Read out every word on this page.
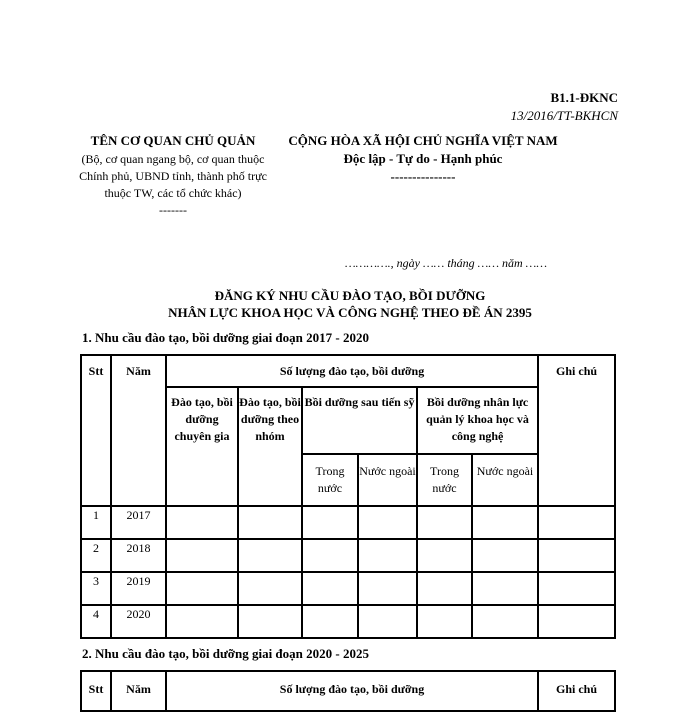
B1.1-ĐKNC
13/2016/TT-BKHCN
TÊN CƠ QUAN CHỦ QUẢN
(Bộ, cơ quan ngang bộ, cơ quan thuộc Chính phủ, UBND tỉnh, thành phố trực thuộc TW, các tổ chức khác)
-------
CỘNG HÒA XÃ HỘI CHỦ NGHĨA VIỆT NAM
Độc lập - Tự do - Hạnh phúc
---------------
…………., ngày …… tháng …… năm ……
ĐĂNG KÝ NHU CẦU ĐÀO TẠO, BỒI DƯỠNG
NHÂN LỰC KHOA HỌC VÀ CÔNG NGHỆ THEO ĐỀ ÁN 2395
1. Nhu cầu đào tạo, bồi dưỡng giai đoạn 2017 - 2020
Stt	Năm	Số lượng đào tạo, bồi dưỡng						Ghi chú
		Đào tạo, bồi dưỡng chuyên gia	Đào tạo, bồi dưỡng theo nhóm	Bồi dưỡng sau tiến sỹ		Bồi dưỡng nhân lực quản lý khoa học và công nghệ		
				Trong nước	Nước ngoài	Trong nước	Nước ngoài	
1	2017							
2	2018							
3	2019							
4	2020							
2. Nhu cầu đào tạo, bồi dưỡng giai đoạn 2020 - 2025
Stt	Năm	Số lượng đào tạo, bồi dưỡng	Ghi chú
